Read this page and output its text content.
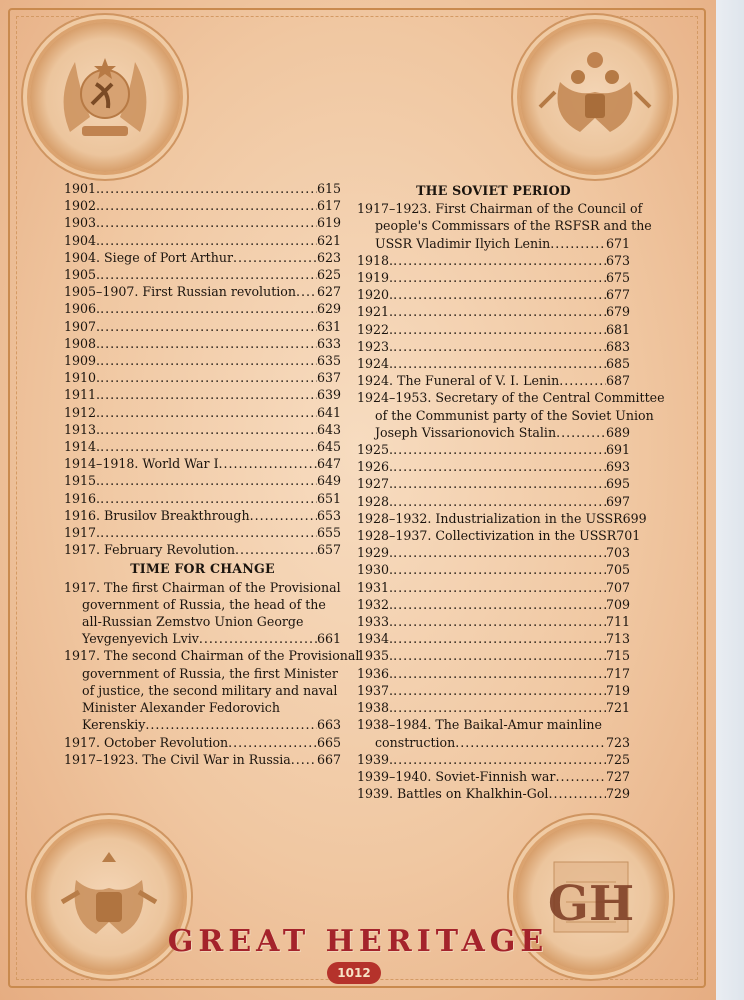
GH
1901. .....	615
1902. .....	617
1903. .....	619
1904. .....	621
1904. Siege of Port Arthur .....	623
1905. .....	625
1905–1907. First Russian revolution ..... 627
1906. .....	629
1907. .....	631
1908. .....	633
1909. .....	635
1910. .....	637
1911. .....	639
1912. .....	641
1913. .....	643
1914. .....	645
1914–1918. World War I .....	647
1915. .....	649
1916. .....	651
1916. Brusilov Breakthrough .....	653
1917. .....	655
1917. February Revolution .....	657
TIME FOR CHANGE
1917. The first Chairman of the Provisional
government of Russia, the head of the
all-Russian Zemstvo Union George
Yevgenyevich Lviv .....	661
1917. The second Chairman of the Provisional
government of Russia, the first Minister
of justice, the second military and naval
Minister Alexander Fedorovich
Kerenskiy .....	663
1917. October Revolution .....	665
1917–1923. The Civil War in Russia ..... 667
THE SOVIET PERIOD
1917–1923. First Chairman of the Council of
people's Commissars of the RSFSR and the
USSR Vladimir Ilyich Lenin .....	671
1918. .....	673
1919. .....	675
1920. .....	677
1921. .....	679
1922. .....	681
1923. .....	683
1924. .....	685
1924. The Funeral of V. I. Lenin .....	687
1924–1953. Secretary of the Central Committee
of the Communist party of the Soviet Union
Joseph Vissarionovich Stalin .....	689
1925. .....	691
1926. .....	693
1927. .....	695
1928. .....	697
1928–1932. Industrialization in the USSR 699
1928–1937. Collectivization in the USSR 701
1929. .....	703
1930. .....	705
1931. .....	707
1932. .....	709
1933. .....	711
1934. .....	713
1935. .....	715
1936. .....	717
1937. .....	719
1938. .....	721
1938–1984. The Baikal-Amur mainline
construction .....	723
1939. .....	725
1939–1940. Soviet-Finnish war .....	727
1939. Battles on Khalkhin-Gol .....	729
GREAT HERITAGE
1012
